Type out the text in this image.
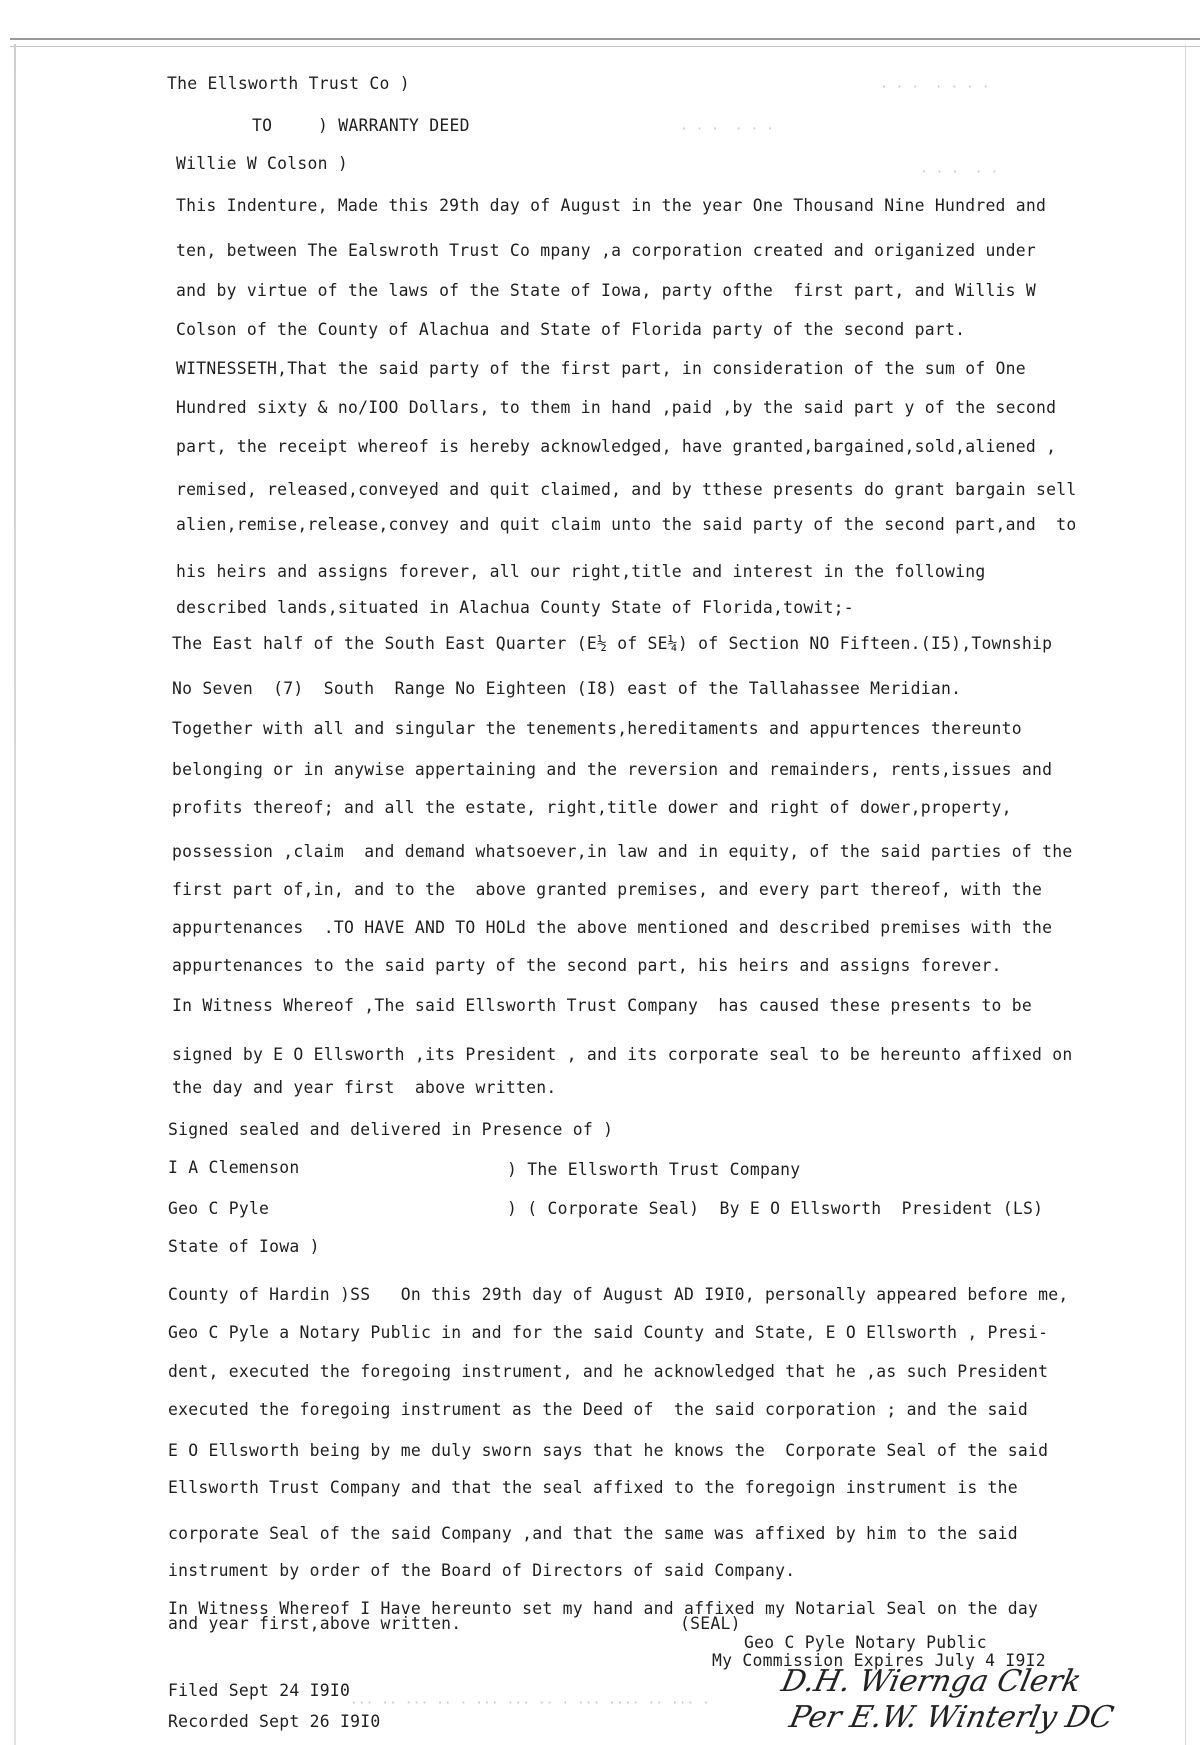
· · ·  · · ·
· · ·  · · · ·
· · ·  · ·
The Ellsworth Trust Co )
TO	) WARRANTY DEED
Willie W Colson )
This Indenture, Made this 29th day of August in the year One Thousand Nine Hundred and
ten, between The Ealswroth Trust Co mpany ,a corporation created and origanized under
and by virtue of the laws of the State of Iowa, party ofthe  first part, and Willis W
Colson of the County of Alachua and State of Florida party of the second part.
WITNESSETH,That the said party of the first part, in consideration of the sum of One
Hundred sixty & no/IOO Dollars, to them in hand ,paid ,by the said part y of the second
part, the receipt whereof is hereby acknowledged, have granted,bargained,sold,aliened ,
remised, released,conveyed and quit claimed, and by tthese presents do grant bargain sell
alien,remise,release,convey and quit claim unto the said party of the second part,and  to
his heirs and assigns forever, all our right,title and interest in the following
described lands,situated in Alachua County State of Florida,towit;-
The East half of the South East Quarter (E½ of SE¼) of Section NO Fifteen.(I5),Township
No Seven  (7)  South  Range No Eighteen (I8) east of the Tallahassee Meridian.
Together with all and singular the tenements,hereditaments and appurtences thereunto
belonging or in anywise appertaining and the reversion and remainders, rents,issues and
profits thereof; and all the estate, right,title dower and right of dower,property,
possession ,claim  and demand whatsoever,in law and in equity, of the said parties of the
first part of,in, and to the  above granted premises, and every part thereof, with the
appurtenances  .TO HAVE AND TO HOLd the above mentioned and described premises with the
appurtenances to the said party of the second part, his heirs and assigns forever.
In Witness Whereof ,The said Ellsworth Trust Company  has caused these presents to be
signed by E O Ellsworth ,its President , and its corporate seal to be hereunto affixed on
the day and year first  above written.
Signed sealed and delivered in Presence of )
I A Clemenson	) The Ellsworth Trust Company
Geo C Pyle	) ( Corporate Seal)  By E O Ellsworth  President (LS)
State of Iowa )
County of Hardin )SS   On this 29th day of August AD I9I0, personally appeared before me,
Geo C Pyle a Notary Public in and for the said County and State, E O Ellsworth , Presi-
dent, executed the foregoing instrument, and he acknowledged that he ,as such President
executed the foregoing instrument as the Deed of  the said corporation ; and the said
E O Ellsworth being by me duly sworn says that he knows the  Corporate Seal of the said
Ellsworth Trust Company and that the seal affixed to the foregoign instrument is the
corporate Seal of the said Company ,and that the same was affixed by him to the said
instrument by order of the Board of Directors of said Company.
In Witness Whereof I Have hereunto set my hand and affixed my Notarial Seal on the day
and year first,above written.	(SEAL)
Geo C Pyle Notary Public
My Commission Expires July 4 I9I2
Filed Sept 24 I9I0
Recorded Sept 26 I9I0
··· ·· ··· ·· · ··· ··· ·· · ··· ···· ·· ··· ·
D.H. Wiernga Clerk
Per E.W. Winterly DC
